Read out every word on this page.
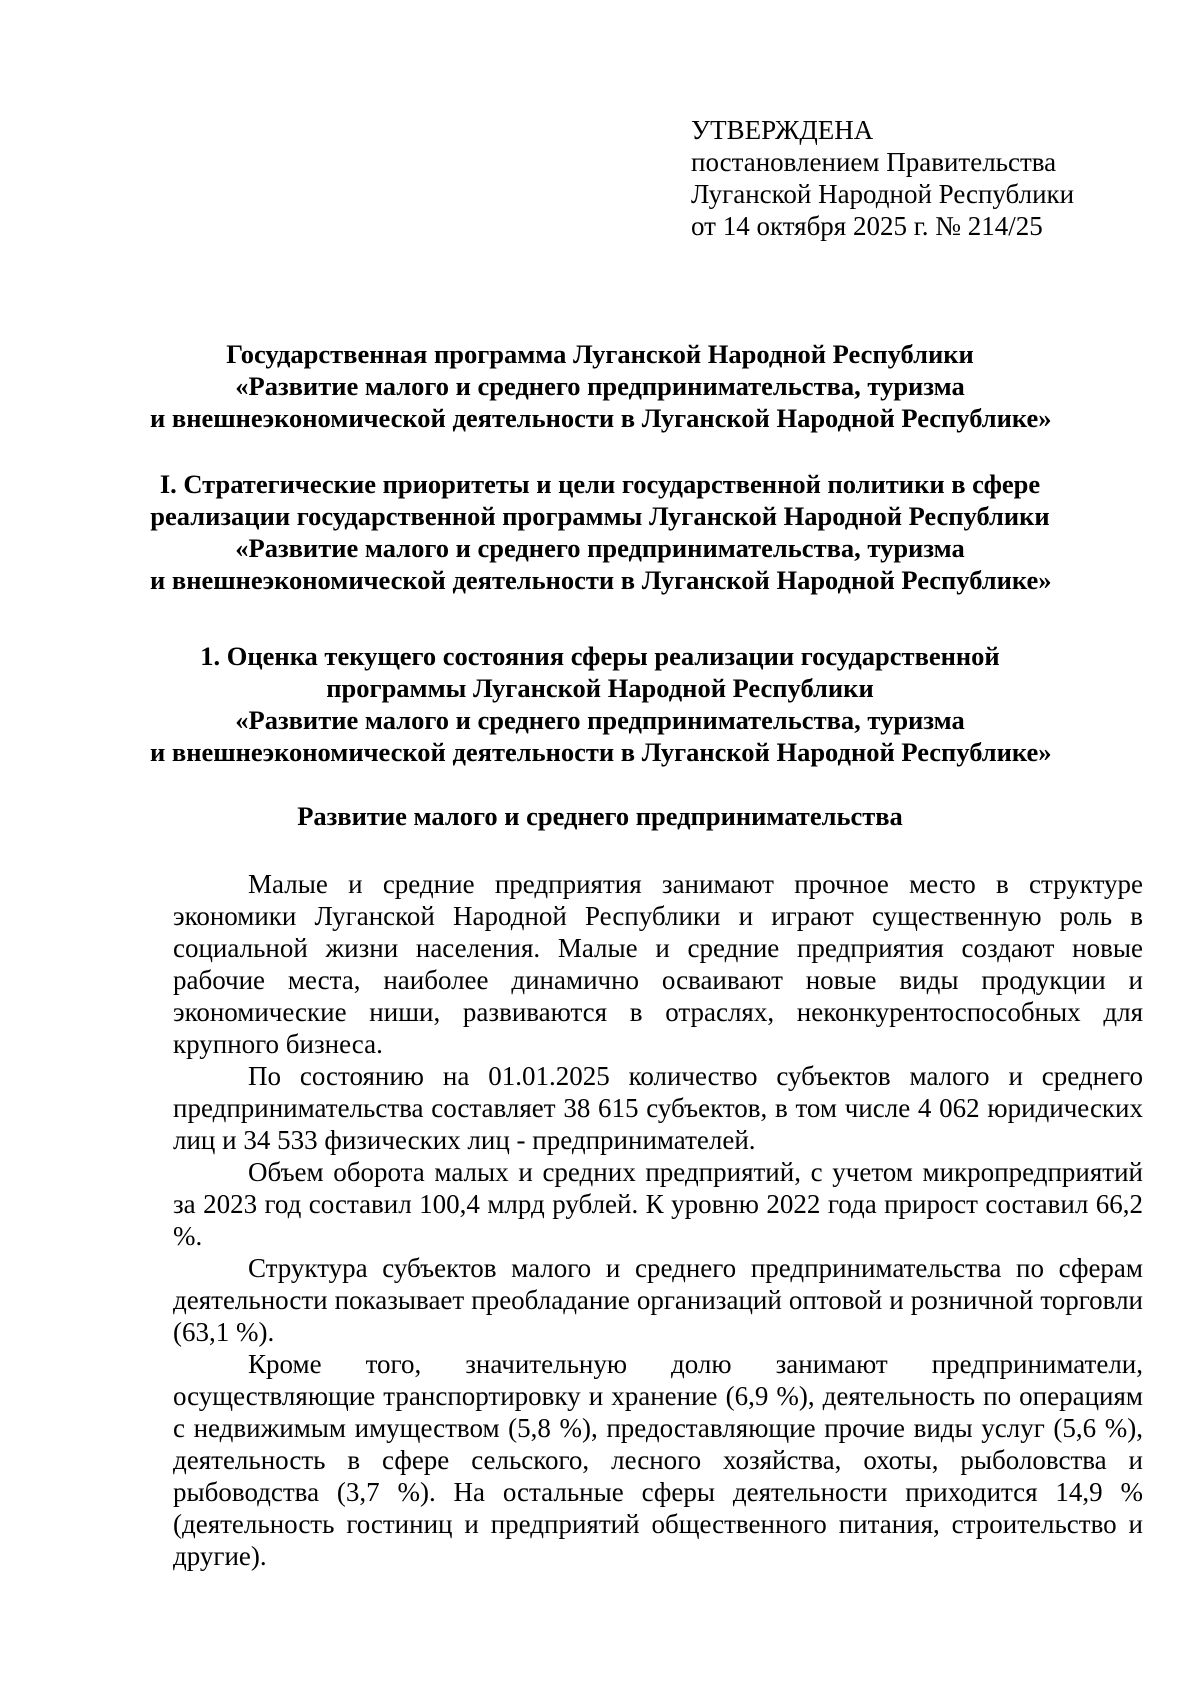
УТВЕРЖДЕНА
постановлением Правительства
Луганской Народной Республики
от 14 октября 2025 г. № 214/25
Государственная программа Луганской Народной Республики
«Развитие малого и среднего предпринимательства, туризма
и внешнеэкономической деятельности в Луганской Народной Республике»
I. Стратегические приоритеты и цели государственной политики в сфере
реализации государственной программы Луганской Народной Республики
«Развитие малого и среднего предпринимательства, туризма
и внешнеэкономической деятельности в Луганской Народной Республике»
1. Оценка текущего состояния сферы реализации государственной
программы Луганской Народной Республики
«Развитие малого и среднего предпринимательства, туризма
и внешнеэкономической деятельности в Луганской Народной Республике»
Развитие малого и среднего предпринимательства

Малые и средние предприятия занимают прочное место в структуре экономики Луганской Народной Республики и играют существенную роль в социальной жизни населения. Малые и средние предприятия создают новые рабочие места, наиболее динамично осваивают новые виды продукции и экономические ниши, развиваются в отраслях, неконкурентоспособных для крупного бизнеса.

По состоянию на 01.01.2025 количество субъектов малого и среднего предпринимательства составляет 38 615 субъектов, в том числе 4 062 юридических лиц и 34 533 физических лиц - предпринимателей.

Объем оборота малых и средних предприятий, с учетом микропредприятий за 2023 год составил 100,4 млрд рублей. К уровню 2022 года прирост составил 66,2 %.

Структура субъектов малого и среднего предпринимательства по сферам деятельности показывает преобладание организаций оптовой и розничной торговли (63,1 %).

Кроме того, значительную долю занимают предприниматели, осуществляющие транспортировку и хранение (6,9 %), деятельность по операциям с недвижимым имуществом (5,8 %), предоставляющие прочие виды услуг (5,6 %), деятельность в сфере сельского, лесного хозяйства, охоты, рыболовства и рыбоводства (3,7 %). На остальные сферы деятельности приходится 14,9 % (деятельность гостиниц и предприятий общественного питания, строительство и другие).
